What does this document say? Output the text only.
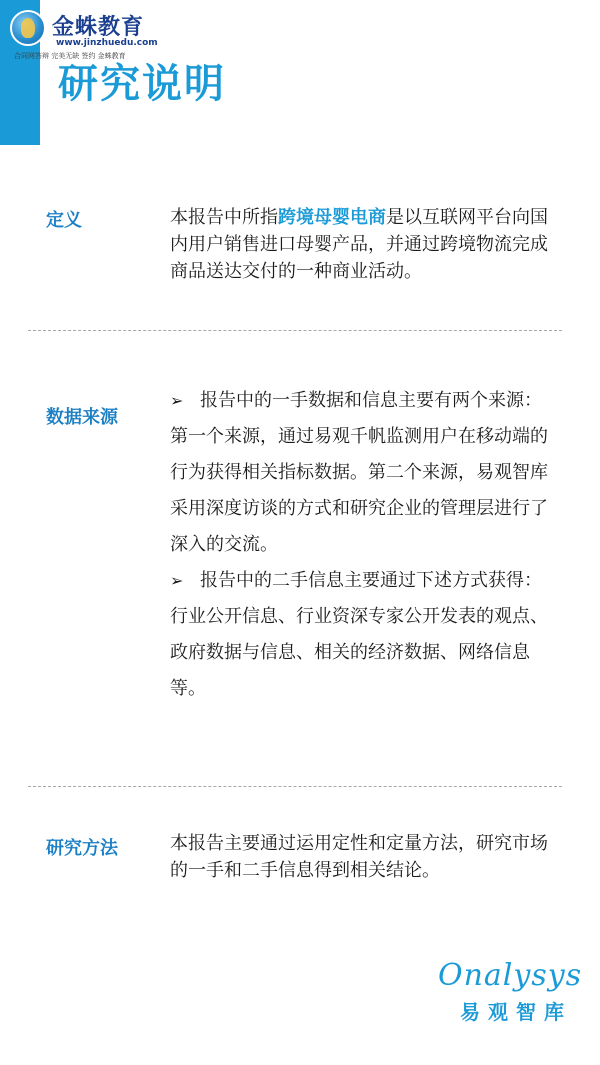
金蛛教育
www.jinzhuedu.com
合同网答辩 完美无缺 签约 金蛛教育
研究说明
定义	本报告中所指跨境母婴电商是以互联网平台向国内用户销售进口母婴产品，并通过跨境物流完成商品送达交付的一种商业活动。
数据来源
➢ 报告中的一手数据和信息主要有两个来源：第一个来源，通过易观千帆监测用户在移动端的行为获得相关指标数据。第二个来源，易观智库采用深度访谈的方式和研究企业的管理层进行了深入的交流。
➢ 报告中的二手信息主要通过下述方式获得： 行业公开信息、行业资深专家公开发表的观点、政府数据与信息、相关的经济数据、网络信息等。
研究方法	本报告主要通过运用定性和定量方法，研究市场的一手和二手信息得到相关结论。
Onalysys
易观智库
